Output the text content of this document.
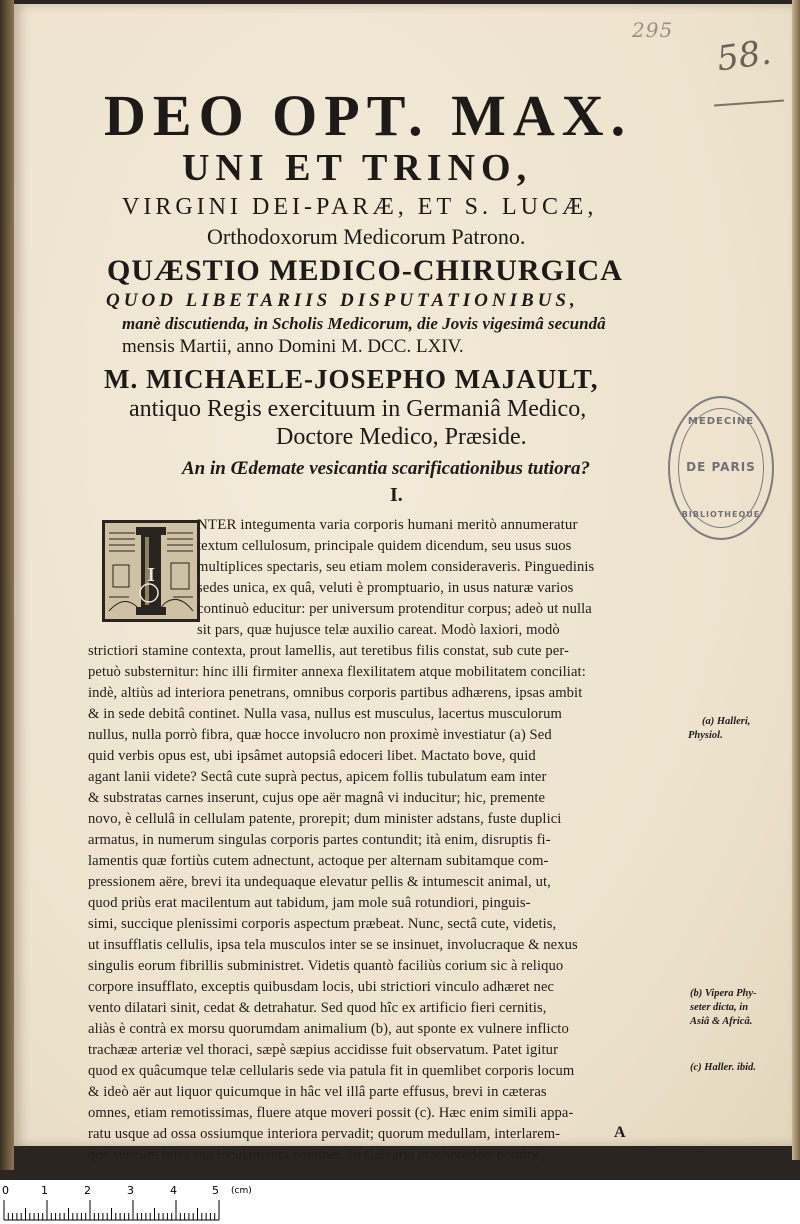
295
58.
DEO OPT. MAX.
UNI ET TRINO,
VIRGINI DEI-PARÆ, ET S. LUCÆ,
Orthodoxorum Medicorum Patrono.
QUÆSTIO MEDICO-CHIRURGICA
QUOD LIBETARIIS DISPUTATIONIBUS,
manè discutienda, in Scholis Medicorum, die Jovis vigesimâ secundâ
mensis Martii, anno Domini M. DCC. LXIV.
M. MICHAELE-JOSEPHO MAJAULT,
antiquo Regis exercituum in Germaniâ Medico,
Doctore Medico, Præside.
An in Œdemate vesicantia scarificationibus tutiora?
I.
MEDECINE
DE PARIS
BIBLIOTHEQUE
I
NTER integumenta varia corporis humani meritò annumeratur
textum cellulosum, principale quidem dicendum, seu usus suos
multiplices spectaris, seu etiam molem consideraveris. Pinguedinis
sedes unica, ex quâ, veluti è promptuario, in usus naturæ varios
continuò educitur: per universum protenditur corpus; adeò ut nulla
sit pars, quæ hujusce telæ auxilio careat. Modò laxiori, modò
strictiori stamine contexta, prout lamellis, aut teretibus filis constat, sub cute per-
petuò substernitur: hinc illi firmiter annexa flexilitatem atque mobilitatem conciliat:
indè, altiùs ad interiora penetrans, omnibus corporis partibus adhærens, ipsas ambit
& in sede debitâ continet. Nulla vasa, nullus est musculus, lacertus musculorum
nullus, nulla porrò fibra, quæ hocce involucro non proximè investiatur (a) Sed
quid verbis opus est, ubi ipsâmet autopsiâ edoceri libet. Mactato bove, quid
agant lanii videte? Sectâ cute suprà pectus, apicem follis tubulatum eam inter
& substratas carnes inserunt, cujus ope aër magnâ vi inducitur; hic, premente
novo, è cellulâ in cellulam patente, prorepit; dum minister adstans, fuste duplici
armatus, in numerum singulas corporis partes contundit; ità enim, disruptis fi-
lamentis quæ fortiùs cutem adnectunt, actoque per alternam subitamque com-
pressionem aëre, brevi ita undequaque elevatur pellis & intumescit animal, ut,
quod priùs erat macilentum aut tabidum, jam mole suâ rotundiori, pinguis-
simi, succique plenissimi corporis aspectum præbeat. Nunc, sectâ cute, videtis,
ut insufflatis cellulis, ipsa tela musculos inter se se insinuet, involucraque & nexus
singulis eorum fibrillis subministret. Videtis quantò faciliùs corium sic à reliquo
corpore insufflato, exceptis quibusdam locis, ubi strictiori vinculo adhæret nec
vento dilatari sinit, cedat & detrahatur. Sed quod hîc ex artificio fieri cernitis,
aliàs è contrà ex morsu quorumdam animalium (b), aut sponte ex vulnere inflicto
trachææ arteriæ vel thoraci, sæpè sæpius accidisse fuit observatum. Patet igitur
quod ex quâcumque telæ cellularis sede via patula fit in quemlibet corporis locum
& ideò aër aut liquor quicumque in hâc vel illâ parte effusus, brevi in cæteras
omnes, etiam remotissimas, fluere atque moveri possit (c). Hæc enim simili appa-
ratu usque ad ossa ossiumque interiora pervadit; quorum medullam, interlarem-
que succum intra sua loculamenta continet. In Calvariâ arachnoïdeæ nomine,
(a) Halleri,
Physiol.
(b) Vipera Phy-
seter dicta, in
Asiâ & Africâ.
(c) Haller. ibid.
A
0	1	2	3	4	5 (cm)
